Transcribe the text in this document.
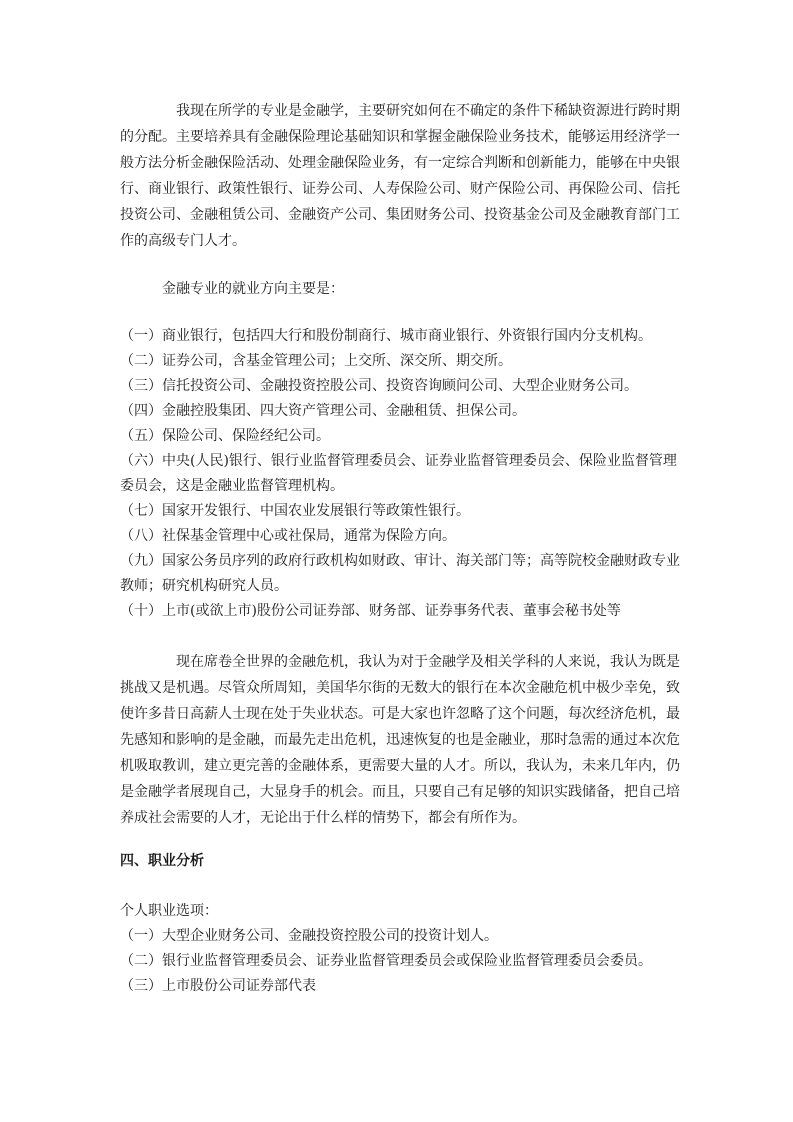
我现在所学的专业是金融学，主要研究如何在不确定的条件下稀缺资源进行跨时期的分配。主要培养具有金融保险理论基础知识和掌握金融保险业务技术，能够运用经济学一般方法分析金融保险活动、处理金融保险业务，有一定综合判断和创新能力，能够在中央银行、商业银行、政策性银行、证券公司、人寿保险公司、财产保险公司、再保险公司、信托投资公司、金融租赁公司、金融资产公司、集团财务公司、投资基金公司及金融教育部门工作的高级专门人才。

金融专业的就业方向主要是：

（一）商业银行，包括四大行和股份制商行、城市商业银行、外资银行国内分支机构。
（二）证券公司，含基金管理公司；上交所、深交所、期交所。
（三）信托投资公司、金融投资控股公司、投资咨询顾问公司、大型企业财务公司。
（四）金融控股集团、四大资产管理公司、金融租赁、担保公司。
（五）保险公司、保险经纪公司。
（六）中央(人民)银行、银行业监督管理委员会、证券业监督管理委员会、保险业监督管理委员会，这是金融业监督管理机构。
（七）国家开发银行、中国农业发展银行等政策性银行。
（八）社保基金管理中心或社保局，通常为保险方向。
（九）国家公务员序列的政府行政机构如财政、审计、海关部门等；高等院校金融财政专业教师；研究机构研究人员。
（十）上市(或欲上市)股份公司证券部、财务部、证券事务代表、董事会秘书处等

现在席卷全世界的金融危机，我认为对于金融学及相关学科的人来说，我认为既是挑战又是机遇。尽管众所周知，美国华尔街的无数大的银行在本次金融危机中极少幸免，致使许多昔日高薪人士现在处于失业状态。可是大家也许忽略了这个问题，每次经济危机，最先感知和影响的是金融，而最先走出危机，迅速恢复的也是金融业，那时急需的通过本次危机吸取教训，建立更完善的金融体系，更需要大量的人才。所以，我认为，未来几年内，仍是金融学者展现自己，大显身手的机会。而且，只要自己有足够的知识实践储备，把自己培养成社会需要的人才，无论出于什么样的情势下，都会有所作为。

四、职业分析

个人职业选项：

（一）大型企业财务公司、金融投资控股公司的投资计划人。
（二）银行业监督管理委员会、证券业监督管理委员会或保险业监督管理委员会委员。
（三）上市股份公司证券部代表
